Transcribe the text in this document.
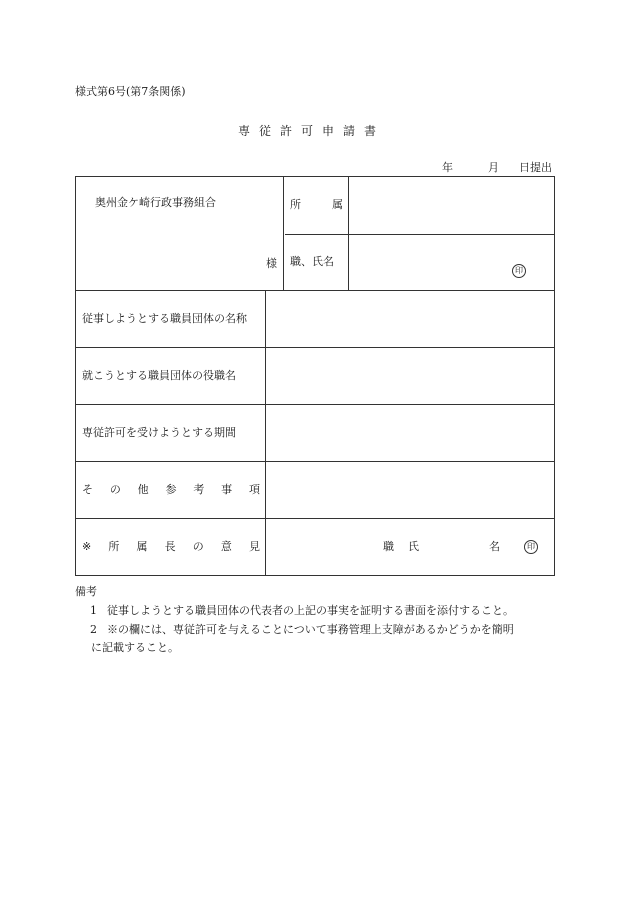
様式第6号(第7条関係)
専従許可申請書
年	月	日提出
奥州金ケ崎行政事務組合
様
所	属
職、氏名
印
従事しようとする職員団体の名称
就こうとする職員団体の役職名
専従許可を受けようとする期間
そ の 他 参 考 事 項
※ 所 属 長 の 意 見	職 氏	名	印
備考
1 従事しようとする職員団体の代表者の上記の事実を証明する書面を添付すること。
2 ※の欄には、専従許可を与えることについて事務管理上支障があるかどうかを簡明
に記載すること。
